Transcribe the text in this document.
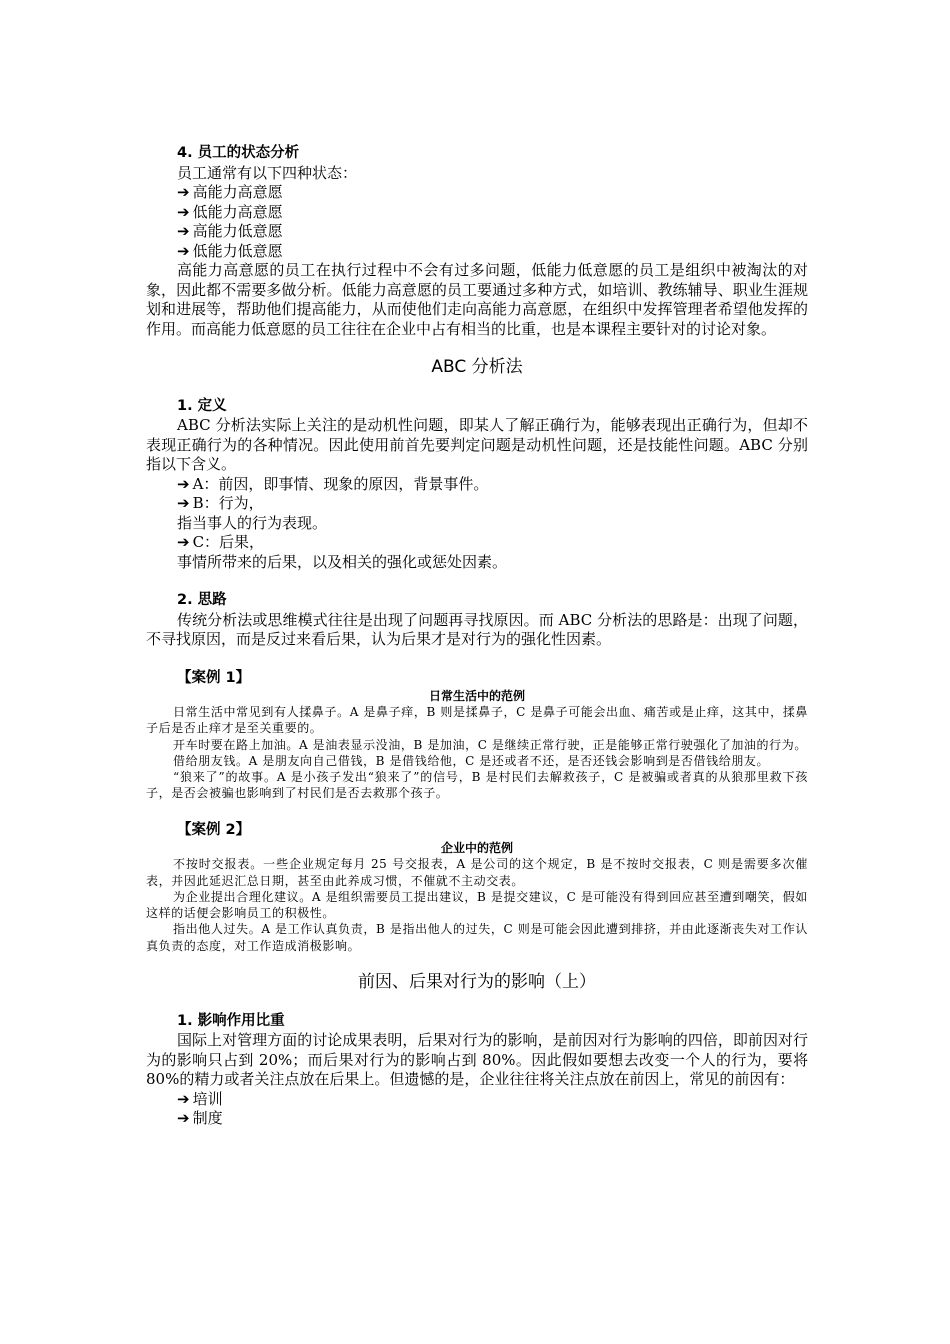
4. 员工的状态分析

员工通常有以下四种状态：

➔ 高能力高意愿

➔ 低能力高意愿

➔ 高能力低意愿

➔ 低能力低意愿

高能力高意愿的员工在执行过程中不会有过多问题，低能力低意愿的员工是组织中被淘汰的对象，因此都不需要多做分析。低能力高意愿的员工要通过多种方式，如培训、教练辅导、职业生涯规划和进展等，帮助他们提高能力，从而使他们走向高能力高意愿，在组织中发挥管理者希望他发挥的作用。而高能力低意愿的员工往往在企业中占有相当的比重，也是本课程主要针对的讨论对象。

ABC 分析法

1. 定义

ABC 分析法实际上关注的是动机性问题，即某人了解正确行为，能够表现出正确行为，但却不表现正确行为的各种情况。因此使用前首先要判定问题是动机性问题，还是技能性问题。ABC 分别指以下含义。

➔ A：前因，即事情、现象的原因，背景事件。

➔ B：行为，

指当事人的行为表现。

➔ C：后果，

事情所带来的后果，以及相关的强化或惩处因素。

2. 思路

传统分析法或思维模式往往是出现了问题再寻找原因。而 ABC 分析法的思路是：出现了问题，不寻找原因，而是反过来看后果，认为后果才是对行为的强化性因素。

【案例 1】

日常生活中的范例

日常生活中常见到有人揉鼻子。A 是鼻子痒，B 则是揉鼻子，C 是鼻子可能会出血、痛苦或是止痒，这其中，揉鼻子后是否止痒才是至关重要的。

开车时要在路上加油。A 是油表显示没油，B 是加油，C 是继续正常行驶，正是能够正常行驶强化了加油的行为。

借给朋友钱。A 是朋友向自己借钱，B 是借钱给他，C 是还或者不还，是否还钱会影响到是否借钱给朋友。

“狼来了”的故事。A 是小孩子发出“狼来了”的信号，B 是村民们去解救孩子，C 是被骗或者真的从狼那里救下孩子，是否会被骗也影响到了村民们是否去救那个孩子。

【案例 2】

企业中的范例

不按时交报表。一些企业规定每月 25 号交报表，A 是公司的这个规定，B 是不按时交报表，C 则是需要多次催表，并因此延迟汇总日期，甚至由此养成习惯，不催就不主动交表。

为企业提出合理化建议。A 是组织需要员工提出建议，B 是提交建议，C 是可能没有得到回应甚至遭到嘲笑，假如这样的话便会影响员工的积极性。

指出他人过失。A 是工作认真负责，B 是指出他人的过失，C 则是可能会因此遭到排挤，并由此逐渐丧失对工作认真负责的态度，对工作造成消极影响。

前因、后果对行为的影响（上）

1. 影响作用比重

国际上对管理方面的讨论成果表明，后果对行为的影响，是前因对行为影响的四倍，即前因对行为的影响只占到 20%；而后果对行为的影响占到 80%。因此假如要想去改变一个人的行为，要将 80%的精力或者关注点放在后果上。但遗憾的是，企业往往将关注点放在前因上，常见的前因有：

➔ 培训

➔ 制度
